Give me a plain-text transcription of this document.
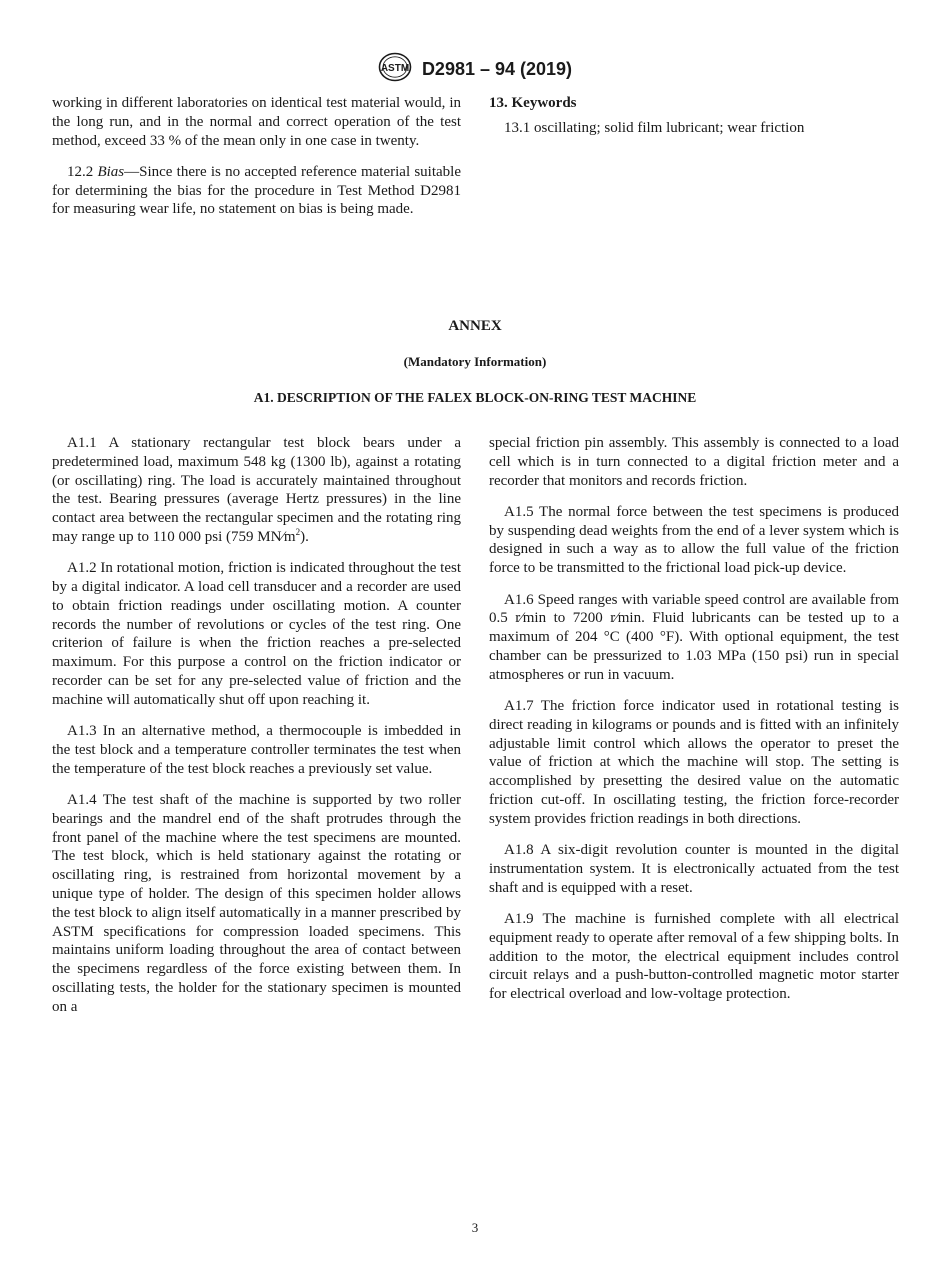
ASTM D2981 – 94 (2019)

working in different laboratories on identical test material would, in the long run, and in the normal and correct operation of the test method, exceed 33 % of the mean only in one case in twenty.

12.2 Bias—Since there is no accepted reference material suitable for determining the bias for the procedure in Test Method D2981 for measuring wear life, no statement on bias is being made.

13. Keywords

13.1 oscillating; solid film lubricant; wear friction

ANNEX
(Mandatory Information)
A1. DESCRIPTION OF THE FALEX BLOCK-ON-RING TEST MACHINE

A1.1 A stationary rectangular test block bears under a predetermined load, maximum 548 kg (1300 lb), against a rotating (or oscillating) ring. The load is accurately maintained throughout the test. Bearing pressures (average Hertz pressures) in the line contact area between the rectangular specimen and the rotating ring may range up to 110 000 psi (759 $MN⁄m^2$).

A1.2 In rotational motion, friction is indicated throughout the test by a digital indicator. A load cell transducer and a recorder are used to obtain friction readings under oscillating motion. A counter records the number of revolutions or cycles of the test ring. One criterion of failure is when the friction reaches a pre-selected maximum. For this purpose a control on the friction indicator or recorder can be set for any pre-selected value of friction and the machine will automatically shut off upon reaching it.

A1.3 In an alternative method, a thermocouple is imbedded in the test block and a temperature controller terminates the test when the temperature of the test block reaches a previously set value.

A1.4 The test shaft of the machine is supported by two roller bearings and the mandrel end of the shaft protrudes through the front panel of the machine where the test specimens are mounted. The test block, which is held stationary against the rotating or oscillating ring, is restrained from horizontal movement by a unique type of holder. The design of this specimen holder allows the test block to align itself automatically in a manner prescribed by ASTM specifications for compression loaded specimens. This maintains uniform loading throughout the area of contact between the specimens regardless of the force existing between them. In oscillating tests, the holder for the stationary specimen is mounted on a

special friction pin assembly. This assembly is connected to a load cell which is in turn connected to a digital friction meter and a recorder that monitors and records friction.

A1.5 The normal force between the test specimens is produced by suspending dead weights from the end of a lever system which is designed in such a way as to allow the full value of the friction force to be transmitted to the frictional load pick-up device.

A1.6 Speed ranges with variable speed control are available from 0.5 r⁄min to 7200 r⁄min. Fluid lubricants can be tested up to a maximum of 204 °C (400 °F). With optional equipment, the test chamber can be pressurized to 1.03 MPa (150 psi) run in special atmospheres or run in vacuum.

A1.7 The friction force indicator used in rotational testing is direct reading in kilograms or pounds and is fitted with an infinitely adjustable limit control which allows the operator to preset the value of friction at which the machine will stop. The setting is accomplished by presetting the desired value on the automatic friction cut-off. In oscillating testing, the friction force-recorder system provides friction readings in both directions.

A1.8 A six-digit revolution counter is mounted in the digital instrumentation system. It is electronically actuated from the test shaft and is equipped with a reset.

A1.9 The machine is furnished complete with all electrical equipment ready to operate after removal of a few shipping bolts. In addition to the motor, the electrical equipment includes control circuit relays and a push-button-controlled magnetic motor starter for electrical overload and low-voltage protection.

3
